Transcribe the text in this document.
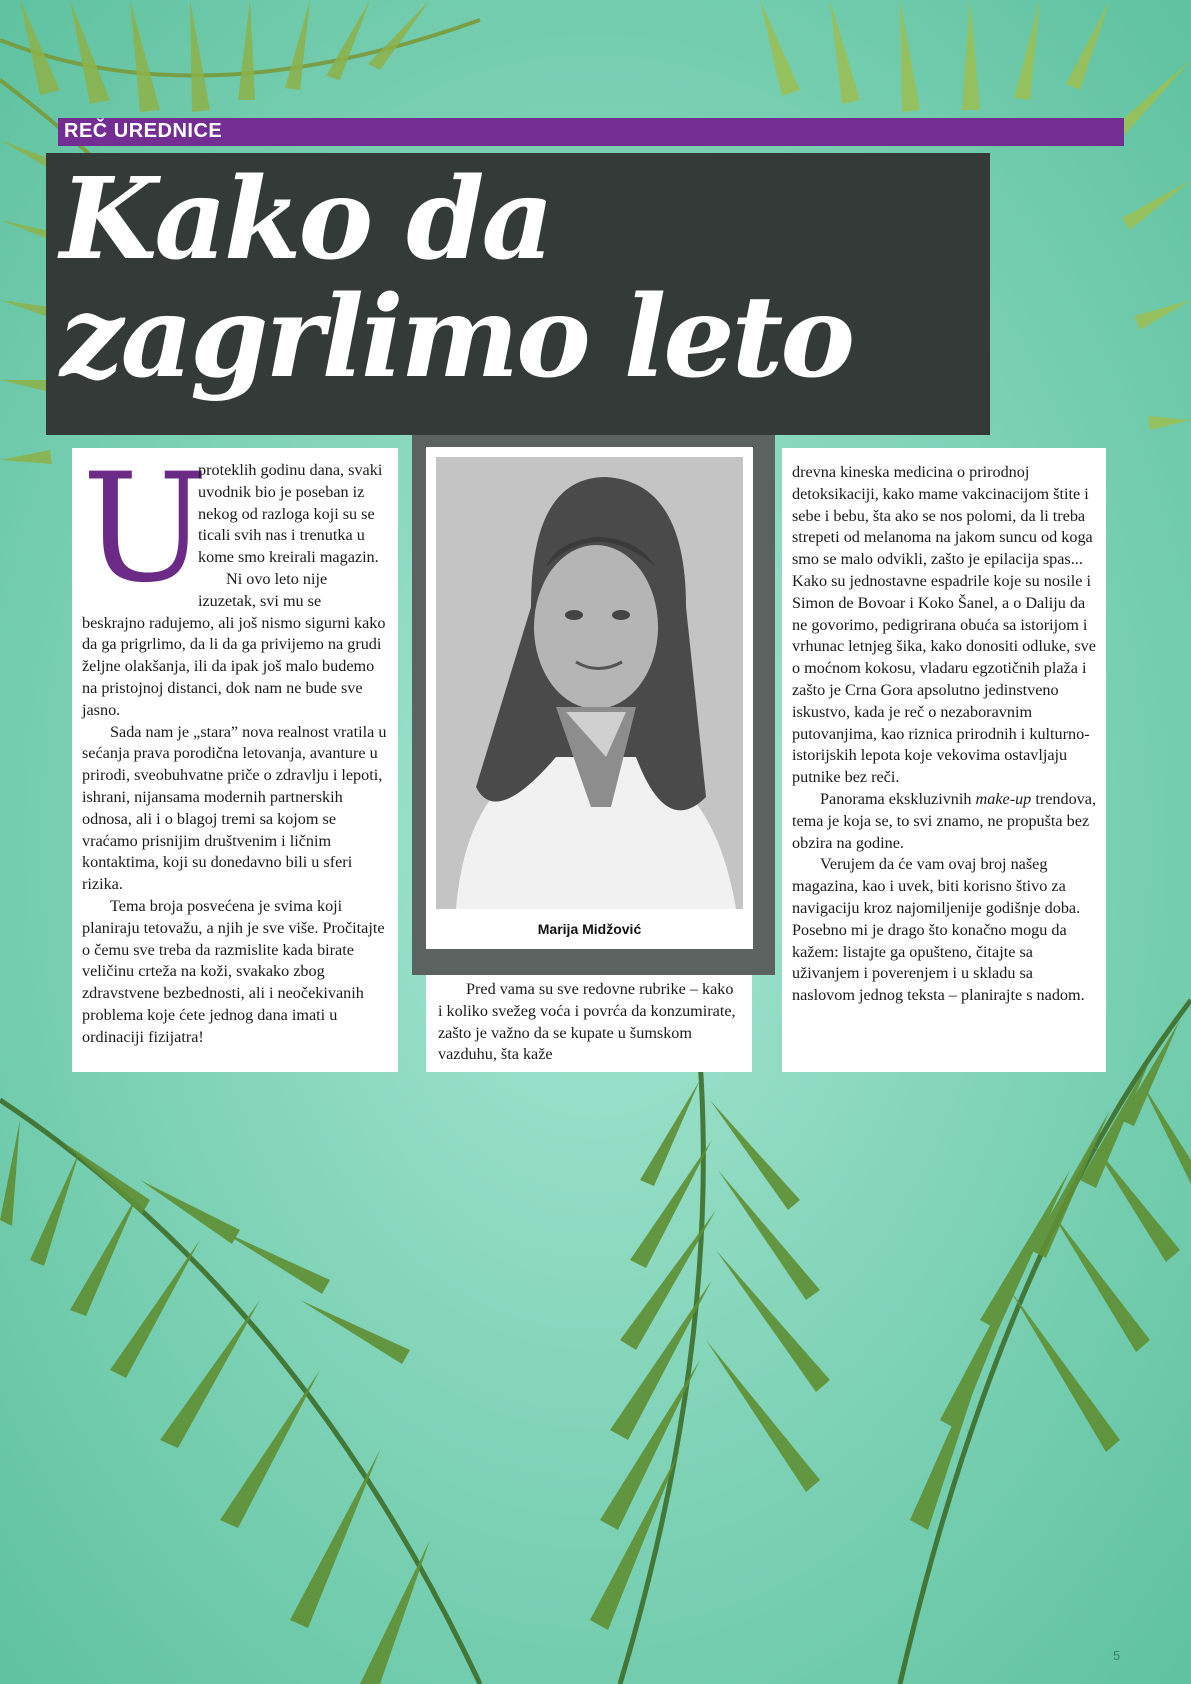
REČ UREDNICE
Kako da
zagrlimo leto
U

proteklih godinu dana, svaki uvodnik bio je poseban iz nekog od razloga koji su se ticali svih nas i trenutka u kome smo kreirali magazin.

Ni ovo leto nije izuzetak, svi mu se beskrajno radujemo, ali još nismo sigurni kako da ga prigrlimo, da li da ga privijemo na grudi željne olakšanja, ili da ipak još malo budemo na pristojnoj distanci, dok nam ne bude sve jasno.

Sada nam je „stara” nova realnost vratila u sećanja prava porodična letovanja, avanture u prirodi, sveobuhvatne priče o zdravlju i lepoti, ishrani, nijansama modernih partnerskih odnosa, ali i o blagoj tremi sa kojom se vraćamo prisnijim društvenim i ličnim kontaktima, koji su donedavno bili u sferi rizika.

Tema broja posvećena je svima koji planiraju tetovažu, a njih je sve više. Pročitajte o čemu sve treba da razmislite kada birate veličinu crteža na koži, svakako zbog zdravstvene bezbednosti, ali i neočekivanih problema koje ćete jednog dana imati u ordinaciji fizijatra!

Marija Midžović

Pred vama su sve redovne rubrike – kako i koliko svežeg voća i povrća da konzumirate, zašto je važno da se kupate u šumskom vazduhu, šta kaže

drevna kineska medicina o prirodnoj detoksikaciji, kako mame vakcinacijom štite i sebe i bebu, šta ako se nos polomi, da li treba strepeti od melanoma na jakom suncu od koga smo se malo odvikli, zašto je epilacija spas... Kako su jednostavne espadrile koje su nosile i Simon de Bovoar i Koko Šanel, a o Daliju da ne govorimo, pedigrirana obuća sa istorijom i vrhunac letnjeg šika, kako donositi odluke, sve o moćnom kokosu, vladaru egzotičnih plaža i zašto je Crna Gora apsolutno jedinstveno iskustvo, kada je reč o nezaboravnim putovanjima, kao riznica prirodnih i kulturno-istorijskih lepota koje vekovima ostavljaju putnike bez reči.

Panorama ekskluzivnih make-up trendova, tema je koja se, to svi znamo, ne propušta bez obzira na godine.

Verujem da će vam ovaj broj našeg magazina, kao i uvek, biti korisno štivo za navigaciju kroz najomiljenije godišnje doba. Posebno mi je drago što konačno mogu da kažem: listajte ga opušteno, čitajte sa uživanjem i poverenjem i u skladu sa naslovom jednog teksta – planirajte s nadom.

5
